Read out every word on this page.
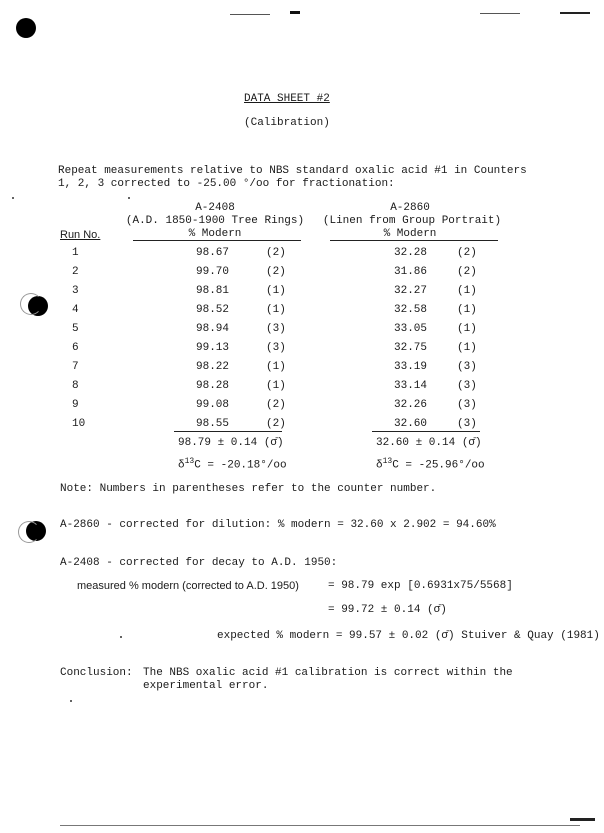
DATA SHEET #2
(Calibration)
Repeat measurements relative to NBS standard oxalic acid #1 in Counters
1, 2, 3 corrected to -25.00 °/oo for fractionation:
A-2408
(A.D. 1850-1900 Tree Rings)
% Modern
A-2860
(Linen from Group Portrait)
% Modern
Run No.
1	98.67	(2)	32.28	(2)
2	99.70	(2)	31.86	(2)
3	98.81	(1)	32.27	(1)
4	98.52	(1)	32.58	(1)
5	98.94	(3)	33.05	(1)
6	99.13	(3)	32.75	(1)
7	98.22	(1)	33.19	(3)
8	98.28	(1)	33.14	(3)
9	99.08	(2)	32.26	(3)
10	98.55	(2)	32.60	(3)
98.79 ± 0.14 (σ̄)	32.60 ± 0.14 (σ̄)
$\delta^{13}C = -20.18^\circ/oo$	$\delta^{13}C = -25.96^\circ/oo$
Note: Numbers in parentheses refer to the counter number.
A-2860 - corrected for dilution: % modern = 32.60 x 2.902 = 94.60%
A-2408 - corrected for decay to A.D. 1950:
measured % modern (corrected to A.D. 1950)	= 98.79 exp [0.6931x75/5568]
= 99.72 ± 0.14 (σ̄)
expected % modern = 99.57 ± 0.02 (σ̄) Stuiver & Quay (1981)
Conclusion: The NBS oxalic acid #1 calibration is correct within the
experimental error.
